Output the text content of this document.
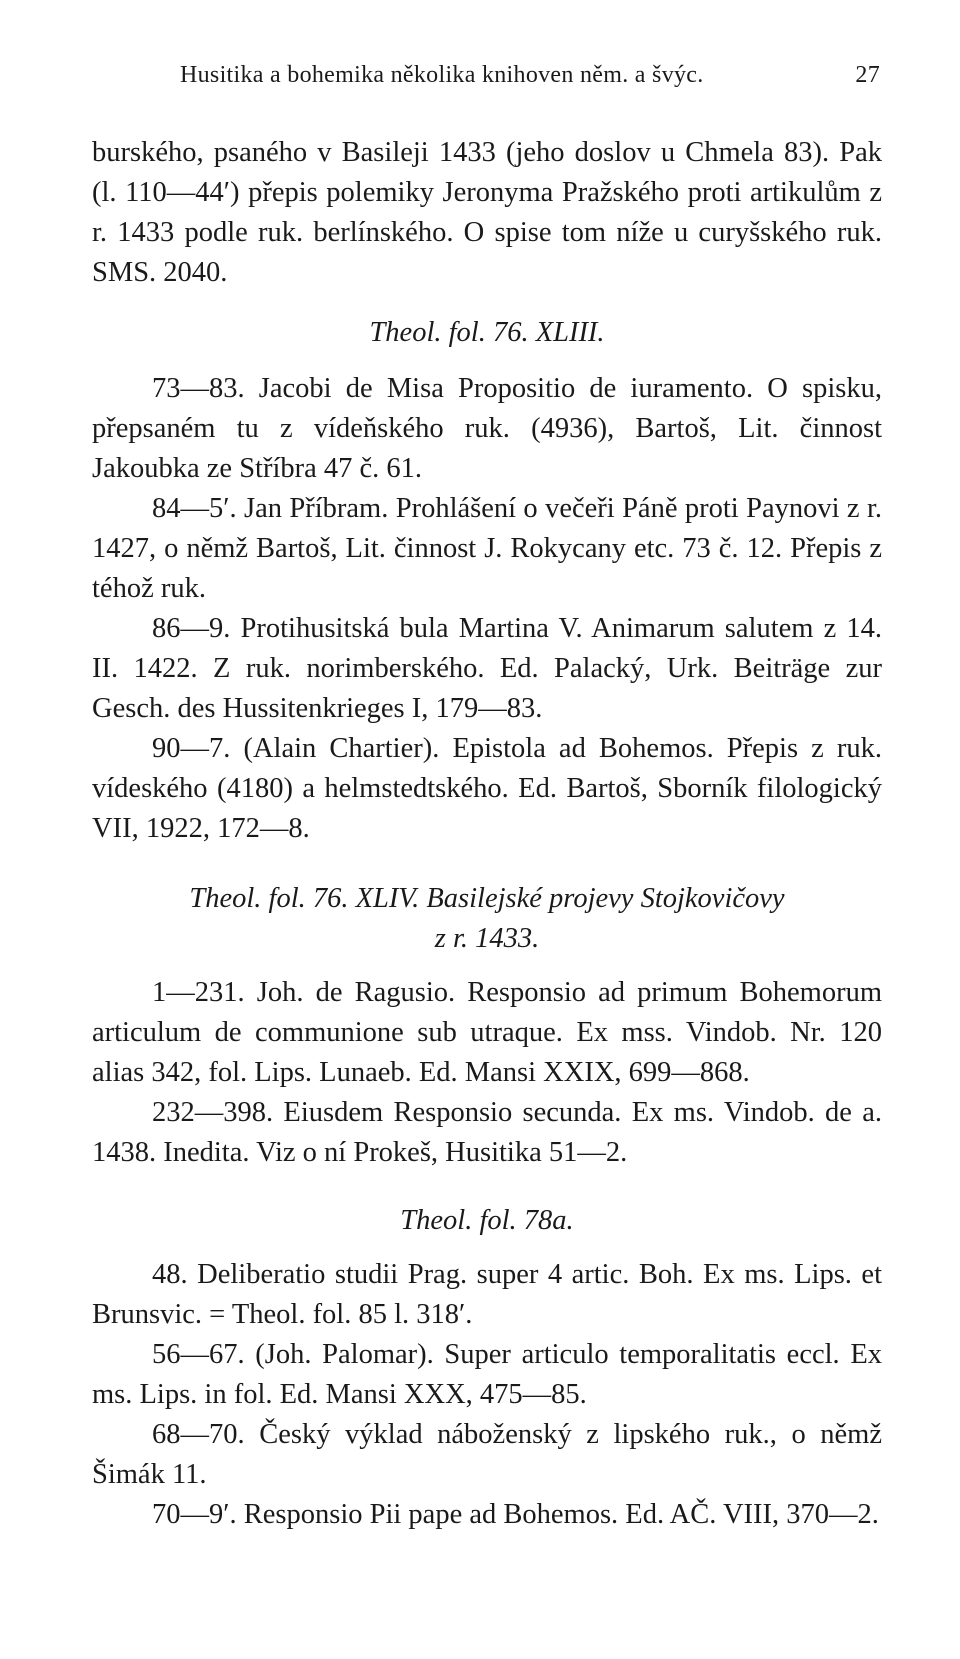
Husitika a bohemika několika knihoven něm. a švýc.	27

burského, psaného v Basileji 1433 (jeho doslov u Chmela 83). Pak (l. 110—44′) přepis polemiky Jeronyma Pražského proti artikulům z r. 1433 podle ruk. berlínského. O spise tom níže u curyšského ruk. SMS. 2040.

Theol. fol. 76. XLIII.

73—83. Jacobi de Misa Propositio de iuramento. O spisku, přepsaném tu z vídeňského ruk. (4936), Bartoš, Lit. činnost Jakoubka ze Stříbra 47 č. 61.

84—5′. Jan Příbram. Prohlášení o večeři Páně proti Paynovi z r. 1427, o němž Bartoš, Lit. činnost J. Rokycany etc. 73 č. 12. Přepis z téhož ruk.

86—9. Protihusitská bula Martina V. Animarum salutem z 14. II. 1422. Z ruk. norimberského. Ed. Palacký, Urk. Beiträge zur Gesch. des Hussitenkrieges I, 179—83.

90—7. (Alain Chartier). Epistola ad Bohemos. Přepis z ruk. vídeského (4180) a helmstedtského. Ed. Bartoš, Sborník filologický VII, 1922, 172—8.

Theol. fol. 76. XLIV. Basilejské projevy Stojkovičovy
z r. 1433.

1—231. Joh. de Ragusio. Responsio ad primum Bohemorum articulum de communione sub utraque. Ex mss. Vindob. Nr. 120 alias 342, fol. Lips. Lunaeb. Ed. Mansi XXIX, 699—868.

232—398. Eiusdem Responsio secunda. Ex ms. Vindob. de a. 1438. Inedita. Viz o ní Prokeš, Husitika 51—2.

Theol. fol. 78a.

48. Deliberatio studii Prag. super 4 artic. Boh. Ex ms. Lips. et Brunsvic. = Theol. fol. 85 l. 318′.

56—67. (Joh. Palomar). Super articulo temporalitatis eccl. Ex ms. Lips. in fol. Ed. Mansi XXX, 475—85.

68—70. Český výklad náboženský z lipského ruk., o němž Šimák 11.

70—9′. Responsio Pii pape ad Bohemos. Ed. AČ. VIII, 370—2.
